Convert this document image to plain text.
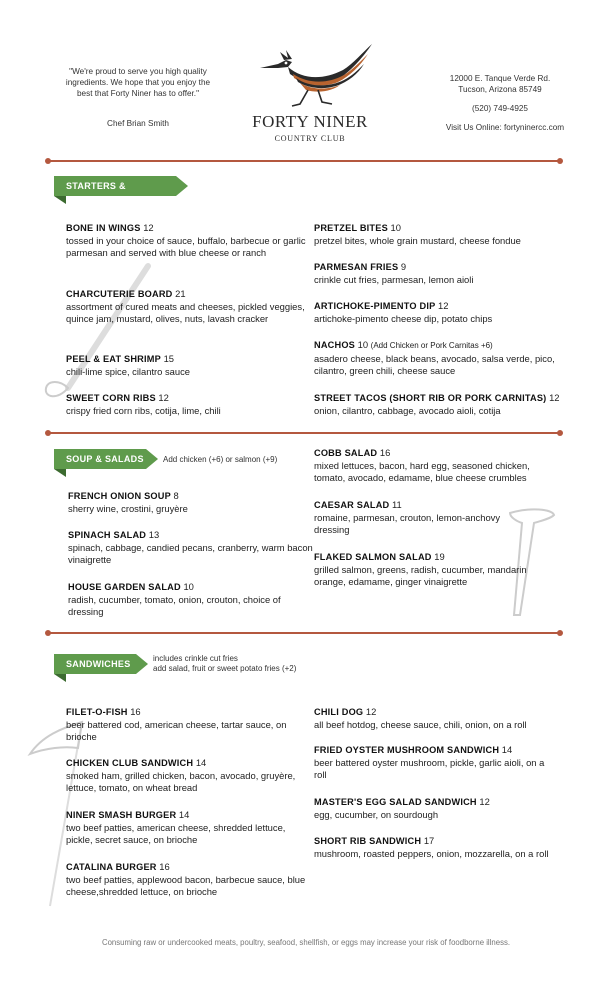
"We're proud to serve you high quality ingredients. We hope that you enjoy the best that Forty Niner has to offer."
Chef Brian Smith	FORTY NINER
COUNTRY CLUB
12000 E. Tanque Verde Rd.
Tucson, Arizona 85749
(520) 749-4925
Visit Us Online: fortyninercc.com
STARTERS & SHAREABLES
BONE IN WINGS 12
tossed in your choice of sauce, buffalo, barbecue or garlic parmesan and served with blue cheese or ranch
CHARCUTERIE BOARD 21
assortment of cured meats and cheeses, pickled veggies, quince jam, mustard, olives, nuts, lavash cracker
PEEL & EAT SHRIMP 15
chili-lime spice, cilantro sauce
SWEET CORN RIBS 12
crispy fried corn ribs, cotija, lime, chili
PRETZEL BITES 10
pretzel bites, whole grain mustard, cheese fondue
PARMESAN FRIES 9
crinkle cut fries, parmesan, lemon aioli
ARTICHOKE-PIMENTO DIP 12
artichoke-pimento cheese dip, potato chips
NACHOS 10 (Add Chicken or Pork Carnitas +6)
asadero cheese, black beans, avocado, salsa verde, pico, cilantro, green chili, cheese sauce
STREET TACOS (SHORT RIB OR PORK CARNITAS) 12
onion, cilantro, cabbage, avocado aioli, cotija
SOUP & SALADS Add chicken (+6) or salmon (+9)
FRENCH ONION SOUP 8
sherry wine, crostini, gruyère
SPINACH SALAD 13
spinach, cabbage, candied pecans, cranberry, warm bacon vinaigrette
HOUSE GARDEN SALAD 10
radish, cucumber, tomato, onion, crouton, choice of dressing
COBB SALAD 16
mixed lettuces, bacon, hard egg, seasoned chicken, tomato, avocado, edamame, blue cheese crumbles
CAESAR SALAD 11
romaine, parmesan, crouton, lemon-anchovy dressing
FLAKED SALMON SALAD 19
grilled salmon, greens, radish, cucumber, mandarin orange, edamame, ginger vinaigrette
SANDWICHES
includes crinkle cut fries
add salad, fruit or sweet potato fries (+2)
FILET-O-FISH 16
beer battered cod, american cheese, tartar sauce, on brioche
CHICKEN CLUB SANDWICH 14
smoked ham, grilled chicken, bacon, avocado, gruyère, lettuce, tomato, on wheat bread
NINER SMASH BURGER 14
two beef patties, american cheese, shredded lettuce, pickle, secret sauce, on brioche
CATALINA BURGER 16
two beef patties, applewood bacon, barbecue sauce, blue cheese,shredded lettuce, on brioche
CHILI DOG 12
all beef hotdog, cheese sauce, chili, onion, on a roll
FRIED OYSTER MUSHROOM SANDWICH 14
beer battered oyster mushroom, pickle, garlic aioli, on a roll
MASTER'S EGG SALAD SANDWICH 12
egg, cucumber, on sourdough
SHORT RIB SANDWICH 17
mushroom, roasted peppers, onion, mozzarella, on a roll
Consuming raw or undercooked meats, poultry, seafood, shellfish, or eggs may increase your risk of foodborne illness.
